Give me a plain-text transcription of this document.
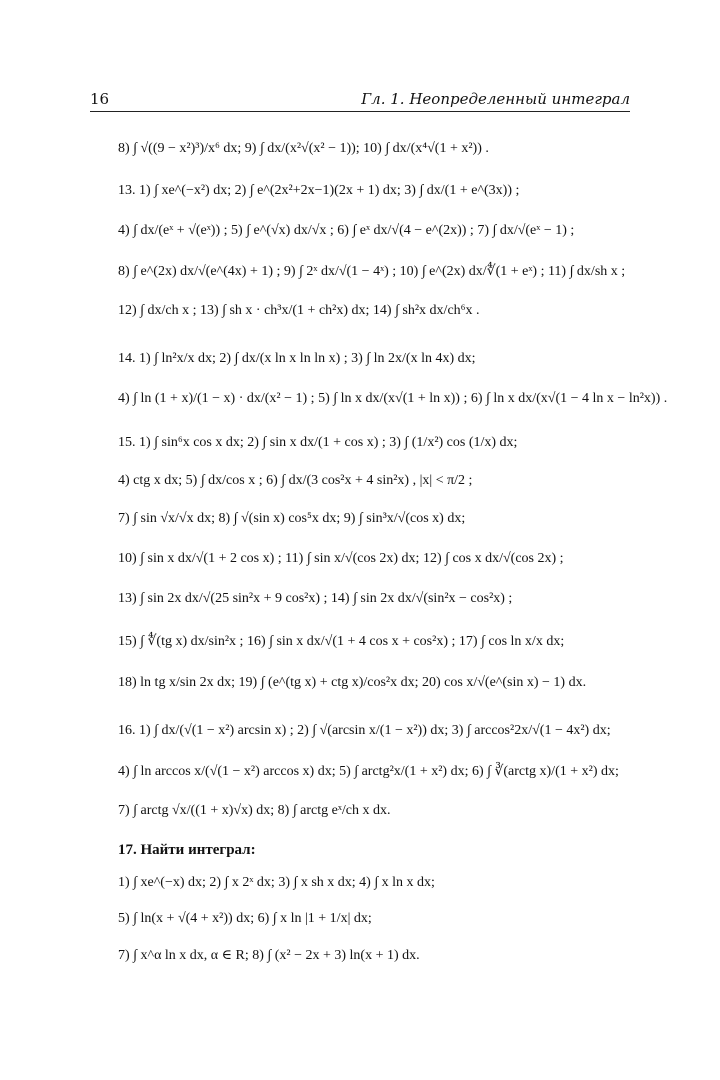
16	Гл. 1. Неопределенный интеграл
8) ∫ √((9 − x²)³)/x⁶ dx; 9) ∫ dx/(x²√(x² − 1)); 10) ∫ dx/(x⁴√(1 + x²)) .
13. 1) ∫ xe^(−x²) dx; 2) ∫ e^(2x²+2x−1)(2x + 1) dx; 3) ∫ dx/(1 + e^(3x)) ;
4) ∫ dx/(eˣ + √(eˣ)) ; 5) ∫ e^(√x) dx/√x ; 6) ∫ eˣ dx/√(4 − e^(2x)) ; 7) ∫ dx/√(eˣ − 1) ;
8) ∫ e^(2x) dx/√(e^(4x) + 1) ; 9) ∫ 2ˣ dx/√(1 − 4ˣ) ; 10) ∫ e^(2x) dx/∜(1 + eˣ) ; 11) ∫ dx/sh x ;
12) ∫ dx/ch x ; 13) ∫ sh x · ch³x/(1 + ch²x) dx; 14) ∫ sh²x dx/ch⁶x .
14. 1) ∫ ln²x/x dx; 2) ∫ dx/(x ln x ln ln x) ; 3) ∫ ln 2x/(x ln 4x) dx;
4) ∫ ln (1 + x)/(1 − x) · dx/(x² − 1) ; 5) ∫ ln x dx/(x√(1 + ln x)) ; 6) ∫ ln x dx/(x√(1 − 4 ln x − ln²x)) .
15. 1) ∫ sin⁶x cos x dx; 2) ∫ sin x dx/(1 + cos x) ; 3) ∫ (1/x²) cos (1/x) dx;
4) ctg x dx; 5) ∫ dx/cos x ; 6) ∫ dx/(3 cos²x + 4 sin²x) , |x| < π/2 ;
7) ∫ sin √x/√x dx; 8) ∫ √(sin x) cos⁵x dx; 9) ∫ sin³x/√(cos x) dx;
10) ∫ sin x dx/√(1 + 2 cos x) ; 11) ∫ sin x/√(cos 2x) dx; 12) ∫ cos x dx/√(cos 2x) ;
13) ∫ sin 2x dx/√(25 sin²x + 9 cos²x) ; 14) ∫ sin 2x dx/√(sin²x − cos²x) ;
15) ∫ ∜(tg x) dx/sin²x ; 16) ∫ sin x dx/√(1 + 4 cos x + cos²x) ; 17) ∫ cos ln x/x dx;
18) ln tg x/sin 2x dx; 19) ∫ (e^(tg x) + ctg x)/cos²x dx; 20) cos x/√(e^(sin x) − 1) dx.
16. 1) ∫ dx/(√(1 − x²) arcsin x) ; 2) ∫ √(arcsin x/(1 − x²)) dx; 3) ∫ arccos²2x/√(1 − 4x²) dx;
4) ∫ ln arccos x/(√(1 − x²) arccos x) dx; 5) ∫ arctg²x/(1 + x²) dx; 6) ∫ ∛(arctg x)/(1 + x²) dx;
7) ∫ arctg √x/((1 + x)√x) dx; 8) ∫ arctg eˣ/ch x dx.
17. Найти интеграл:
1) ∫ xe^(−x) dx; 2) ∫ x 2ˣ dx; 3) ∫ x sh x dx; 4) ∫ x ln x dx;
5) ∫ ln(x + √(4 + x²)) dx; 6) ∫ x ln |1 + 1/x| dx;
7) ∫ x^α ln x dx, α ∈ R; 8) ∫ (x² − 2x + 3) ln(x + 1) dx.
